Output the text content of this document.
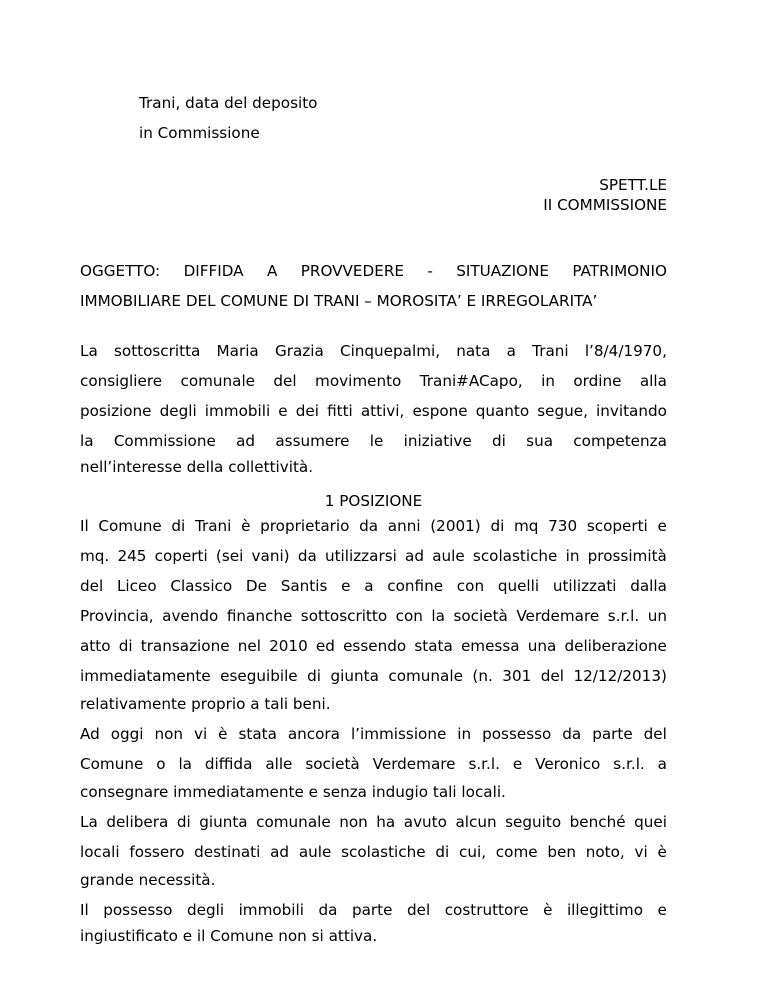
Trani, data del deposito
in Commissione
SPETT.LE
II COMMISSIONE
OGGETTO: DIFFIDA A PROVVEDERE - SITUAZIONE PATRIMONIO
IMMOBILIARE DEL COMUNE DI TRANI – MOROSITA’ E IRREGOLARITA’
La sottoscritta Maria Grazia Cinquepalmi, nata a Trani l’8/4/1970,
consigliere comunale del movimento Trani#ACapo, in ordine alla
posizione degli immobili e dei fitti attivi, espone quanto segue, invitando
la Commissione ad assumere le iniziative di sua competenza
nell’interesse della collettività.
1 POSIZIONE
Il Comune di Trani è proprietario da anni (2001) di mq 730 scoperti e
mq. 245 coperti (sei vani) da utilizzarsi ad aule scolastiche in prossimità
del Liceo Classico De Santis e a confine con quelli utilizzati dalla
Provincia, avendo finanche sottoscritto con la società Verdemare s.r.l. un
atto di transazione nel 2010 ed essendo stata emessa una deliberazione
immediatamente eseguibile di giunta comunale (n. 301 del 12/12/2013)
relativamente proprio a tali beni.
Ad oggi non vi è stata ancora l’immissione in possesso da parte del
Comune o la diffida alle società Verdemare s.r.l. e Veronico s.r.l. a
consegnare immediatamente e senza indugio tali locali.
La delibera di giunta comunale non ha avuto alcun seguito benché quei
locali fossero destinati ad aule scolastiche di cui, come ben noto, vi è
grande necessità.
Il possesso degli immobili da parte del costruttore è illegittimo e
ingiustificato e il Comune non si attiva.
